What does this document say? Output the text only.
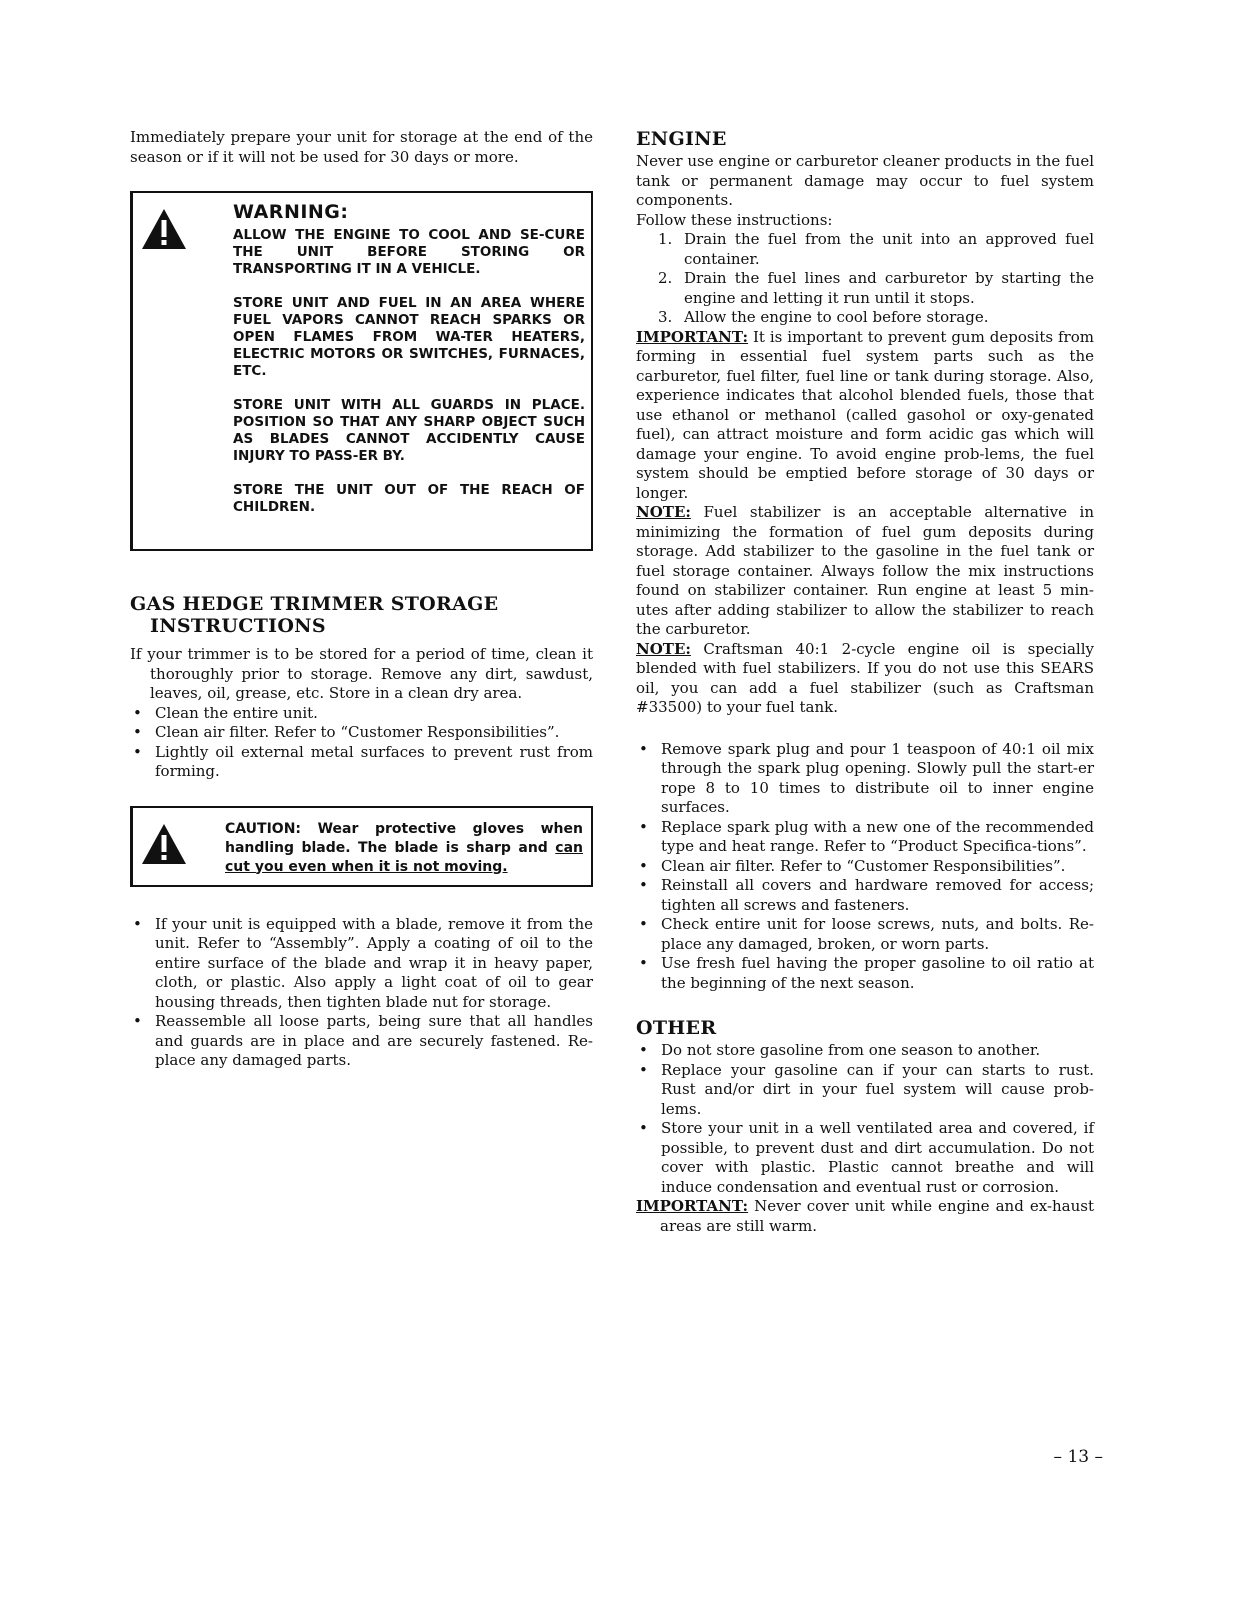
Immediately prepare your unit for storage at the end of the season or if it will not be used for 30 days or more.

WARNING:

ALLOW THE ENGINE TO COOL AND SE-CURE THE UNIT BEFORE STORING OR TRANSPORTING IT IN A VEHICLE.

STORE UNIT AND FUEL IN AN AREA WHERE FUEL VAPORS CANNOT REACH SPARKS OR OPEN FLAMES FROM WA-TER HEATERS, ELECTRIC MOTORS OR SWITCHES, FURNACES, ETC.

STORE UNIT WITH ALL GUARDS IN PLACE. POSITION SO THAT ANY SHARP OBJECT SUCH AS BLADES CANNOT ACCIDENTLY CAUSE INJURY TO PASS-ER BY.

STORE THE UNIT OUT OF THE REACH OF CHILDREN.

GAS HEDGE TRIMMER STORAGE
INSTRUCTIONS

If your trimmer is to be stored for a period of time, clean it thoroughly prior to storage. Remove any dirt, sawdust, leaves, oil, grease, etc. Store in a clean dry area.

• Clean the entire unit.
• Clean air filter. Refer to “Customer Responsibilities”.
• Lightly oil external metal surfaces to prevent rust from forming.

CAUTION: Wear protective gloves when handling blade. The blade is sharp and can cut you even when it is not moving.

• If your unit is equipped with a blade, remove it from the unit. Refer to “Assembly”. Apply a coating of oil to the entire surface of the blade and wrap it in heavy paper, cloth, or plastic. Also apply a light coat of oil to gear housing threads, then tighten blade nut for storage.
• Reassemble all loose parts, being sure that all handles and guards are in place and are securely fastened. Re-place any damaged parts.
ENGINE

Never use engine or carburetor cleaner products in the fuel tank or permanent damage may occur to fuel system components.

Follow these instructions:

1. Drain the fuel from the unit into an approved fuel container.
2. Drain the fuel lines and carburetor by starting the engine and letting it run until it stops.
3. Allow the engine to cool before storage.

IMPORTANT: It is important to prevent gum deposits from forming in essential fuel system parts such as the carburetor, fuel filter, fuel line or tank during storage. Also, experience indicates that alcohol blended fuels, those that use ethanol or methanol (called gasohol or oxy-genated fuel), can attract moisture and form acidic gas which will damage your engine. To avoid engine prob-lems, the fuel system should be emptied before storage of 30 days or longer.

NOTE: Fuel stabilizer is an acceptable alternative in minimizing the formation of fuel gum deposits during storage. Add stabilizer to the gasoline in the fuel tank or fuel storage container. Always follow the mix instructions found on stabilizer container. Run engine at least 5 min-utes after adding stabilizer to allow the stabilizer to reach the carburetor.

NOTE: Craftsman 40:1 2-cycle engine oil is specially blended with fuel stabilizers. If you do not use this SEARS oil, you can add a fuel stabilizer (such as Craftsman #33500) to your fuel tank.

• Remove spark plug and pour 1 teaspoon of 40:1 oil mix through the spark plug opening. Slowly pull the start-er rope 8 to 10 times to distribute oil to inner engine surfaces.
• Replace spark plug with a new one of the recommended type and heat range. Refer to “Product Specifica-tions”.
• Clean air filter. Refer to “Customer Responsibilities”.
• Reinstall all covers and hardware removed for access; tighten all screws and fasteners.
• Check entire unit for loose screws, nuts, and bolts. Re-place any damaged, broken, or worn parts.
• Use fresh fuel having the proper gasoline to oil ratio at the beginning of the next season.
OTHER
• Do not store gasoline from one season to another.
• Replace your gasoline can if your can starts to rust. Rust and/or dirt in your fuel system will cause prob-lems.
• Store your unit in a well ventilated area and covered, if possible, to prevent dust and dirt accumulation. Do not cover with plastic. Plastic cannot breathe and will induce condensation and eventual rust or corrosion.

IMPORTANT: Never cover unit while engine and ex-haust areas are still warm.

– 13 –
